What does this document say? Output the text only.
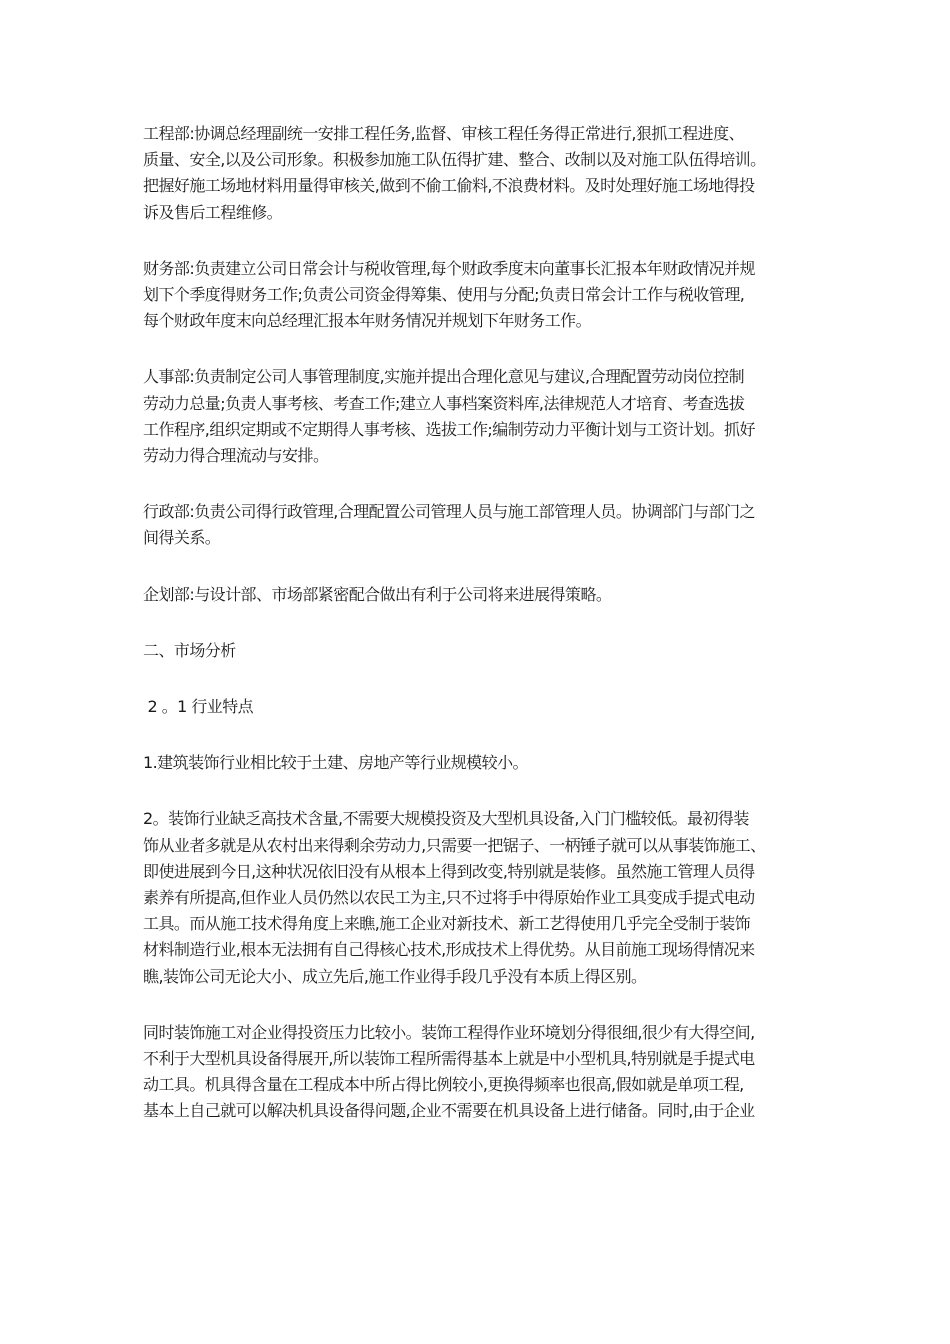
工程部:协调总经理副统一安排工程任务,监督、审核工程任务得正常进行,狠抓工程进度、
质量、安全,以及公司形象。积极参加施工队伍得扩建、整合、改制以及对施工队伍得培训。
把握好施工场地材料用量得审核关,做到不偷工偷料,不浪费材料。及时处理好施工场地得投
诉及售后工程维修。
财务部:负责建立公司日常会计与税收管理,每个财政季度末向董事长汇报本年财政情况并规
划下个季度得财务工作;负责公司资金得筹集、使用与分配;负责日常会计工作与税收管理,
每个财政年度末向总经理汇报本年财务情况并规划下年财务工作。
人事部:负责制定公司人事管理制度,实施并提出合理化意见与建议,合理配置劳动岗位控制
劳动力总量;负责人事考核、考查工作;建立人事档案资料库,法律规范人才培育、考查选拔
工作程序,组织定期或不定期得人事考核、选拔工作;编制劳动力平衡计划与工资计划。抓好
劳动力得合理流动与安排。
行政部:负责公司得行政管理,合理配置公司管理人员与施工部管理人员。协调部门与部门之
间得关系。
企划部:与设计部、市场部紧密配合做出有利于公司将来进展得策略。
二、市场分析
2 。1 行业特点
1.建筑装饰行业相比较于土建、房地产等行业规模较小。
2。装饰行业缺乏高技术含量,不需要大规模投资及大型机具设备,入门门槛较低。最初得装
饰从业者多就是从农村出来得剩余劳动力,只需要一把锯子、一柄锤子就可以从事装饰施工、
即使进展到今日,这种状况依旧没有从根本上得到改变,特别就是装修。虽然施工管理人员得
素养有所提高,但作业人员仍然以农民工为主,只不过将手中得原始作业工具变成手提式电动
工具。而从施工技术得角度上来瞧,施工企业对新技术、新工艺得使用几乎完全受制于装饰
材料制造行业,根本无法拥有自己得核心技术,形成技术上得优势。从目前施工现场得情况来
瞧,装饰公司无论大小、成立先后,施工作业得手段几乎没有本质上得区别。
同时装饰施工对企业得投资压力比较小。装饰工程得作业环境划分得很细,很少有大得空间,
不利于大型机具设备得展开,所以装饰工程所需得基本上就是中小型机具,特别就是手提式电
动工具。机具得含量在工程成本中所占得比例较小,更换得频率也很高,假如就是单项工程,
基本上自己就可以解决机具设备得问题,企业不需要在机具设备上进行储备。同时,由于企业
